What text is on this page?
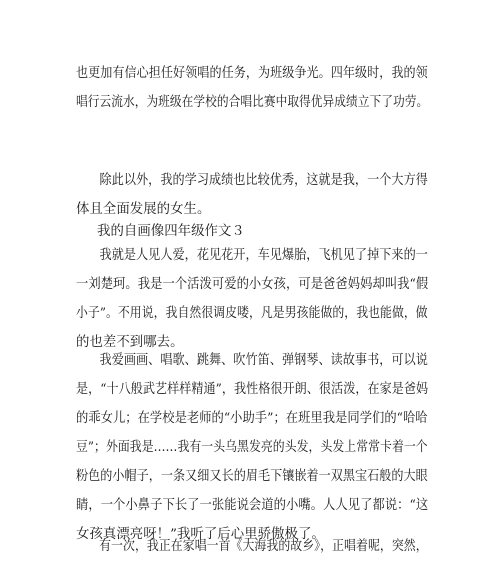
也更加有信心担任好领唱的任务，为班级争光。四年级时，我的领
唱行云流水，为班级在学校的合唱比赛中取得优异成绩立下了功劳。
除此以外，我的学习成绩也比较优秀，这就是我，一个大方得
体且全面发展的女生。
我的自画像四年级作文３
我就是人见人爱，花见花开，车见爆胎，飞机见了掉下来的一
一刘楚珂。我是一个活泼可爱的小女孩，可是爸爸妈妈却叫我“假
小子”。不用说，我自然很调皮喽，凡是男孩能做的，我也能做，做
的也差不到哪去。
我爱画画、唱歌、跳舞、吹竹笛、弹钢琴、读故事书，可以说
是，“十八般武艺样样精通”，我性格很开朗、很活泼，在家是爸妈
的乖女儿；在学校是老师的“小助手”；在班里我是同学们的“哈哈
豆”；外面我是……我有一头乌黑发亮的头发，头发上常常卡着一个
粉色的小帽子，一条又细又长的眉毛下镶嵌着一双黑宝石般的大眼
睛，一个小鼻子下长了一张能说会道的小嘴。人人见了都说：“这
女孩真漂亮呀！”我听了后心里骄傲极了。
有一次，我正在家唱一首《大海我的故乡》，正唱着呢，突然，
